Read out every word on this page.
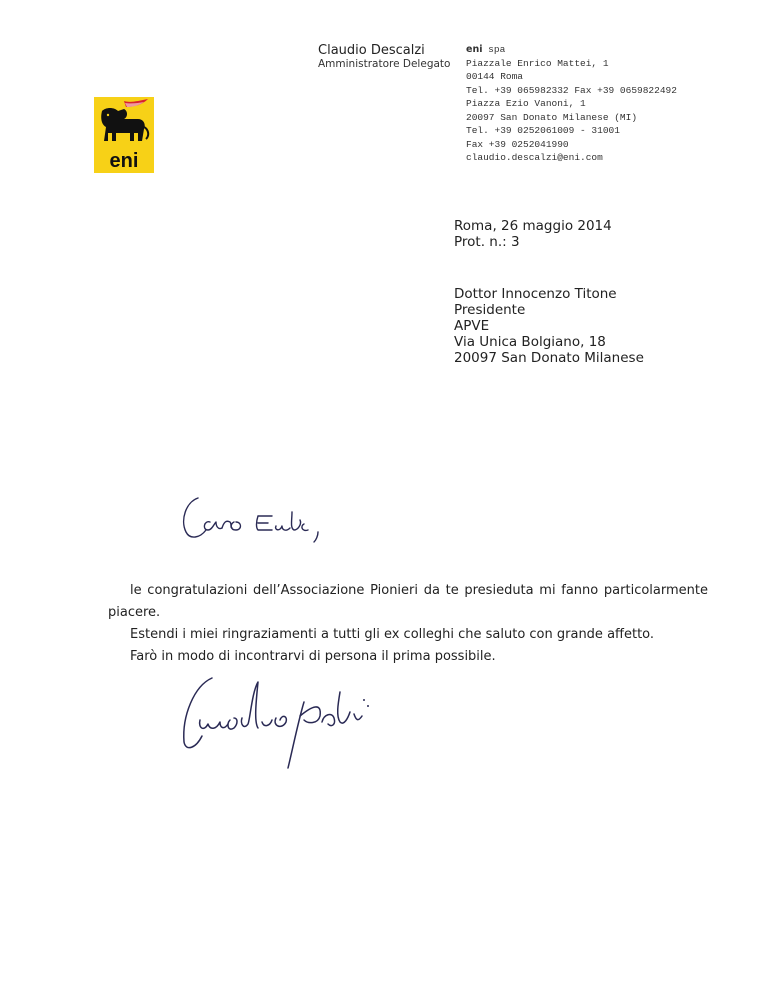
Claudio Descalzi
Amministratore Delegato
eni spa
Piazzale Enrico Mattei, 1
00144 Roma
Tel. +39 065982332 Fax +39 0659822492
Piazza Ezio Vanoni, 1
20097 San Donato Milanese (MI)
Tel. +39 0252061009 - 31001
Fax +39 0252041990
claudio.descalzi@eni.com
eni
Roma, 26 maggio 2014
Prot. n.: 3
Dottor Innocenzo Titone
Presidente
APVE
Via Unica Bolgiano, 18
20097 San Donato Milanese

le congratulazioni dell’Associazione Pionieri da te presieduta mi fanno particolarmente piacere.

Estendi i miei ringraziamenti a tutti gli ex colleghi che saluto con grande affetto.

Farò in modo di incontrarvi di persona il prima possibile.
